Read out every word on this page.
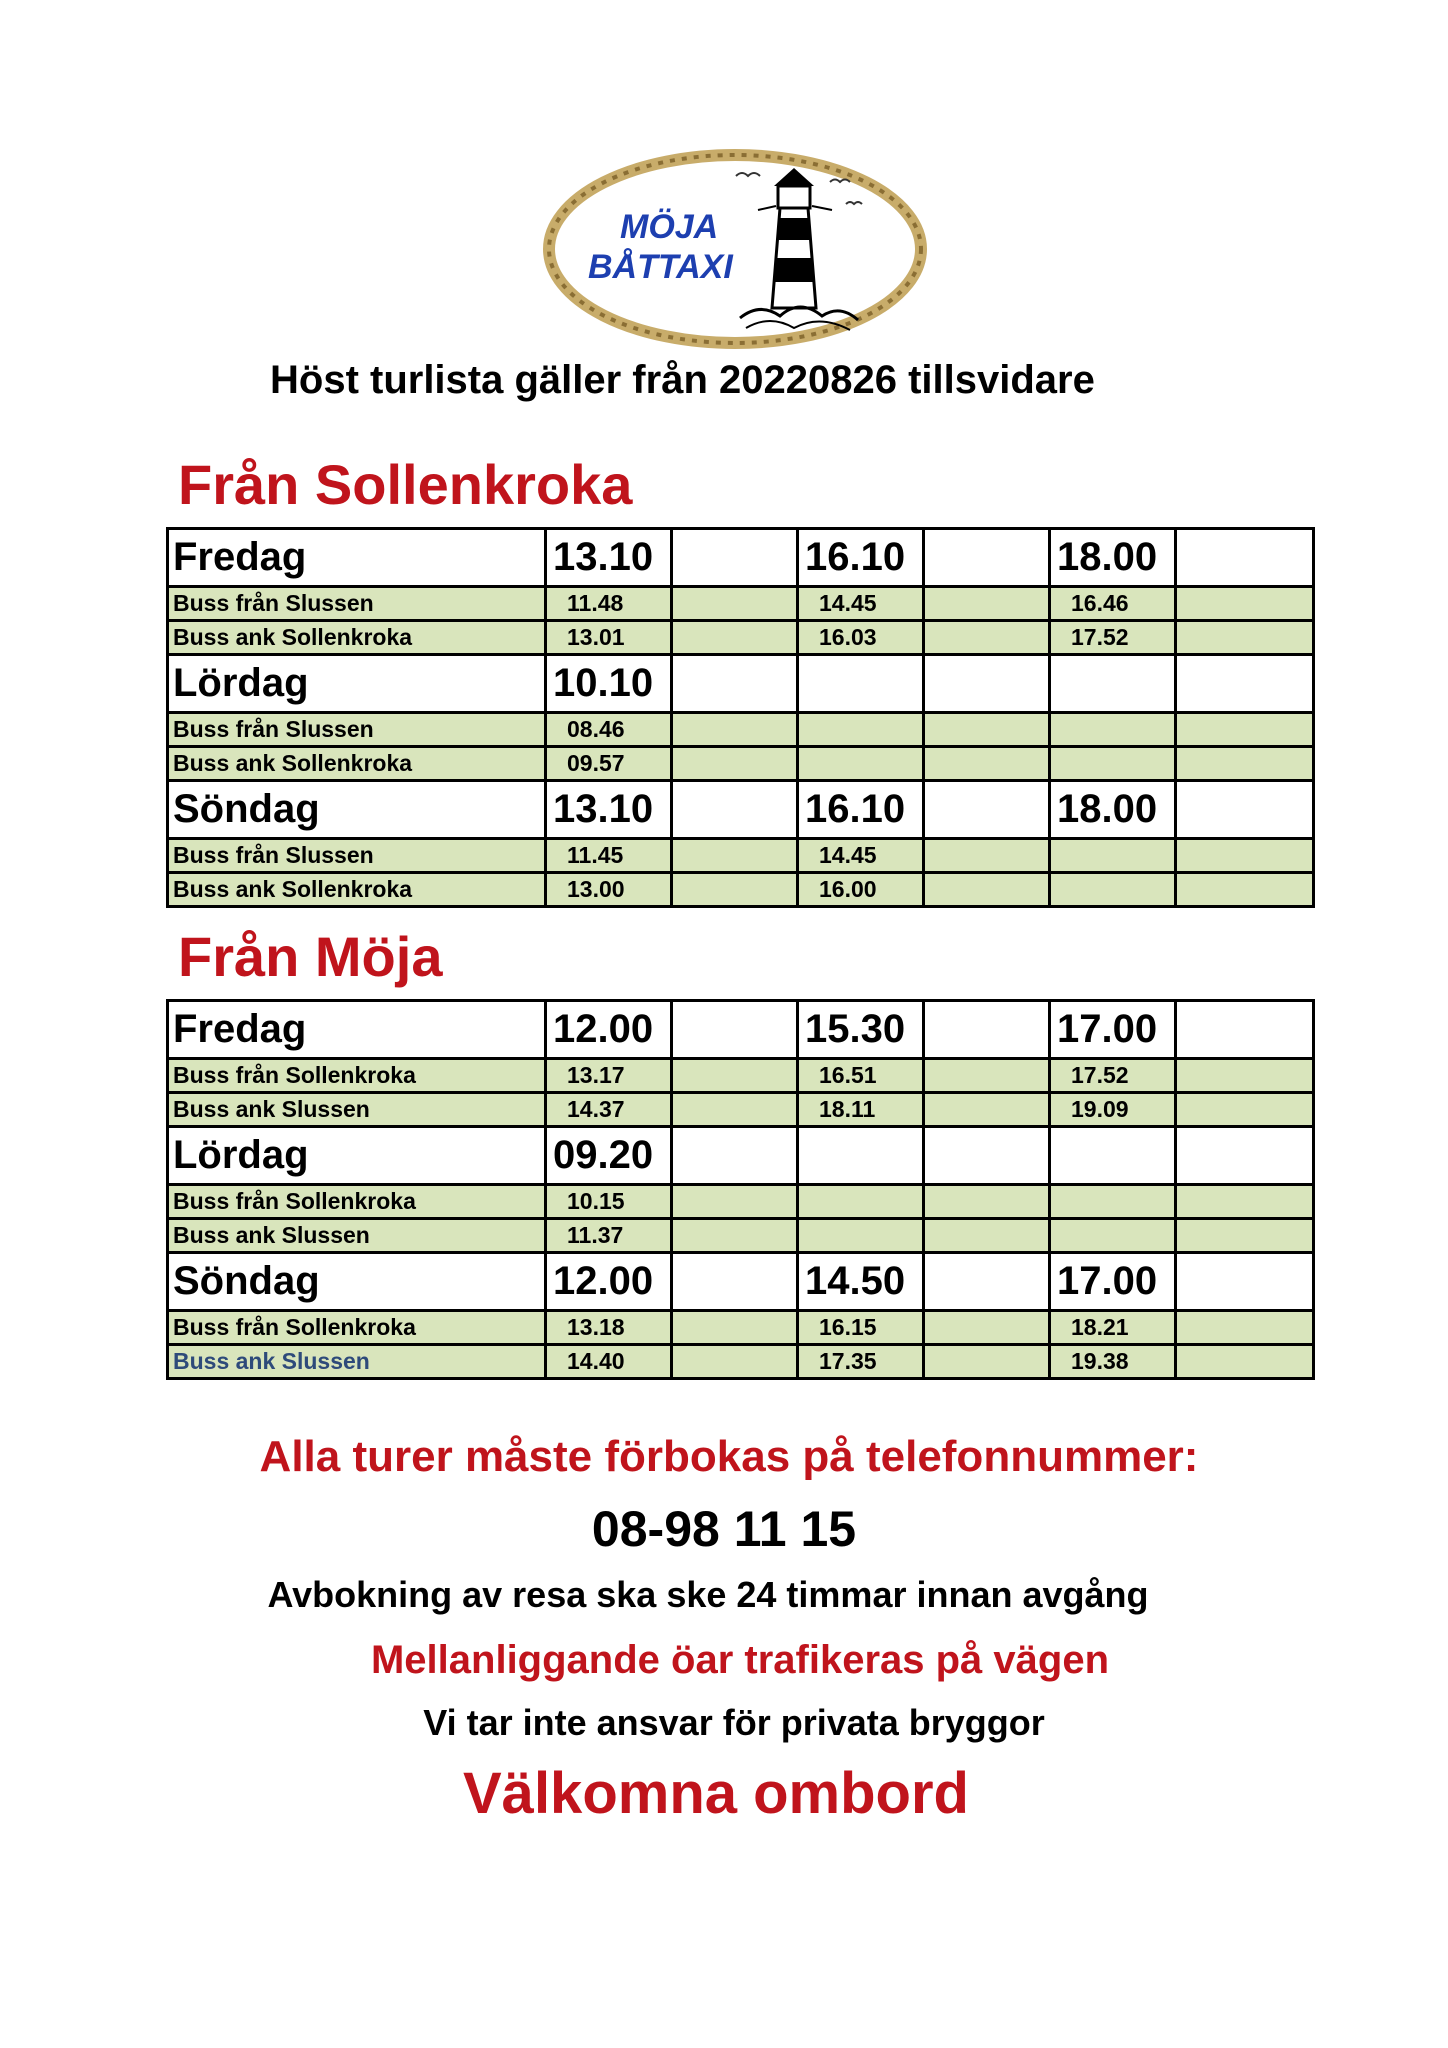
MÖJA
BÅTTAXI
Höst turlista gäller från 20220826 tillsvidare
Från Sollenkroka
Fredag	13.10		16.10		18.00	
Buss från Slussen	11.48		14.45		16.46	
Buss ank Sollenkroka	13.01		16.03		17.52	
Lördag	10.10					
Buss från Slussen	08.46					
Buss ank Sollenkroka	09.57					
Söndag	13.10		16.10		18.00	
Buss från Slussen	11.45		14.45			
Buss ank Sollenkroka	13.00		16.00			
Från Möja
Fredag	12.00		15.30		17.00	
Buss från Sollenkroka	13.17		16.51		17.52	
Buss ank Slussen	14.37		18.11		19.09	
Lördag	09.20					
Buss från Sollenkroka	10.15					
Buss ank Slussen	11.37					
Söndag	12.00		14.50		17.00	
Buss från Sollenkroka	13.18		16.15		18.21	
Buss ank Slussen	14.40		17.35		19.38	
Alla turer måste förbokas på telefonnummer:
08-98 11 15
Avbokning av resa ska ske 24 timmar innan avgång
Mellanliggande öar trafikeras på vägen
Vi tar inte ansvar för privata bryggor
Välkomna ombord
